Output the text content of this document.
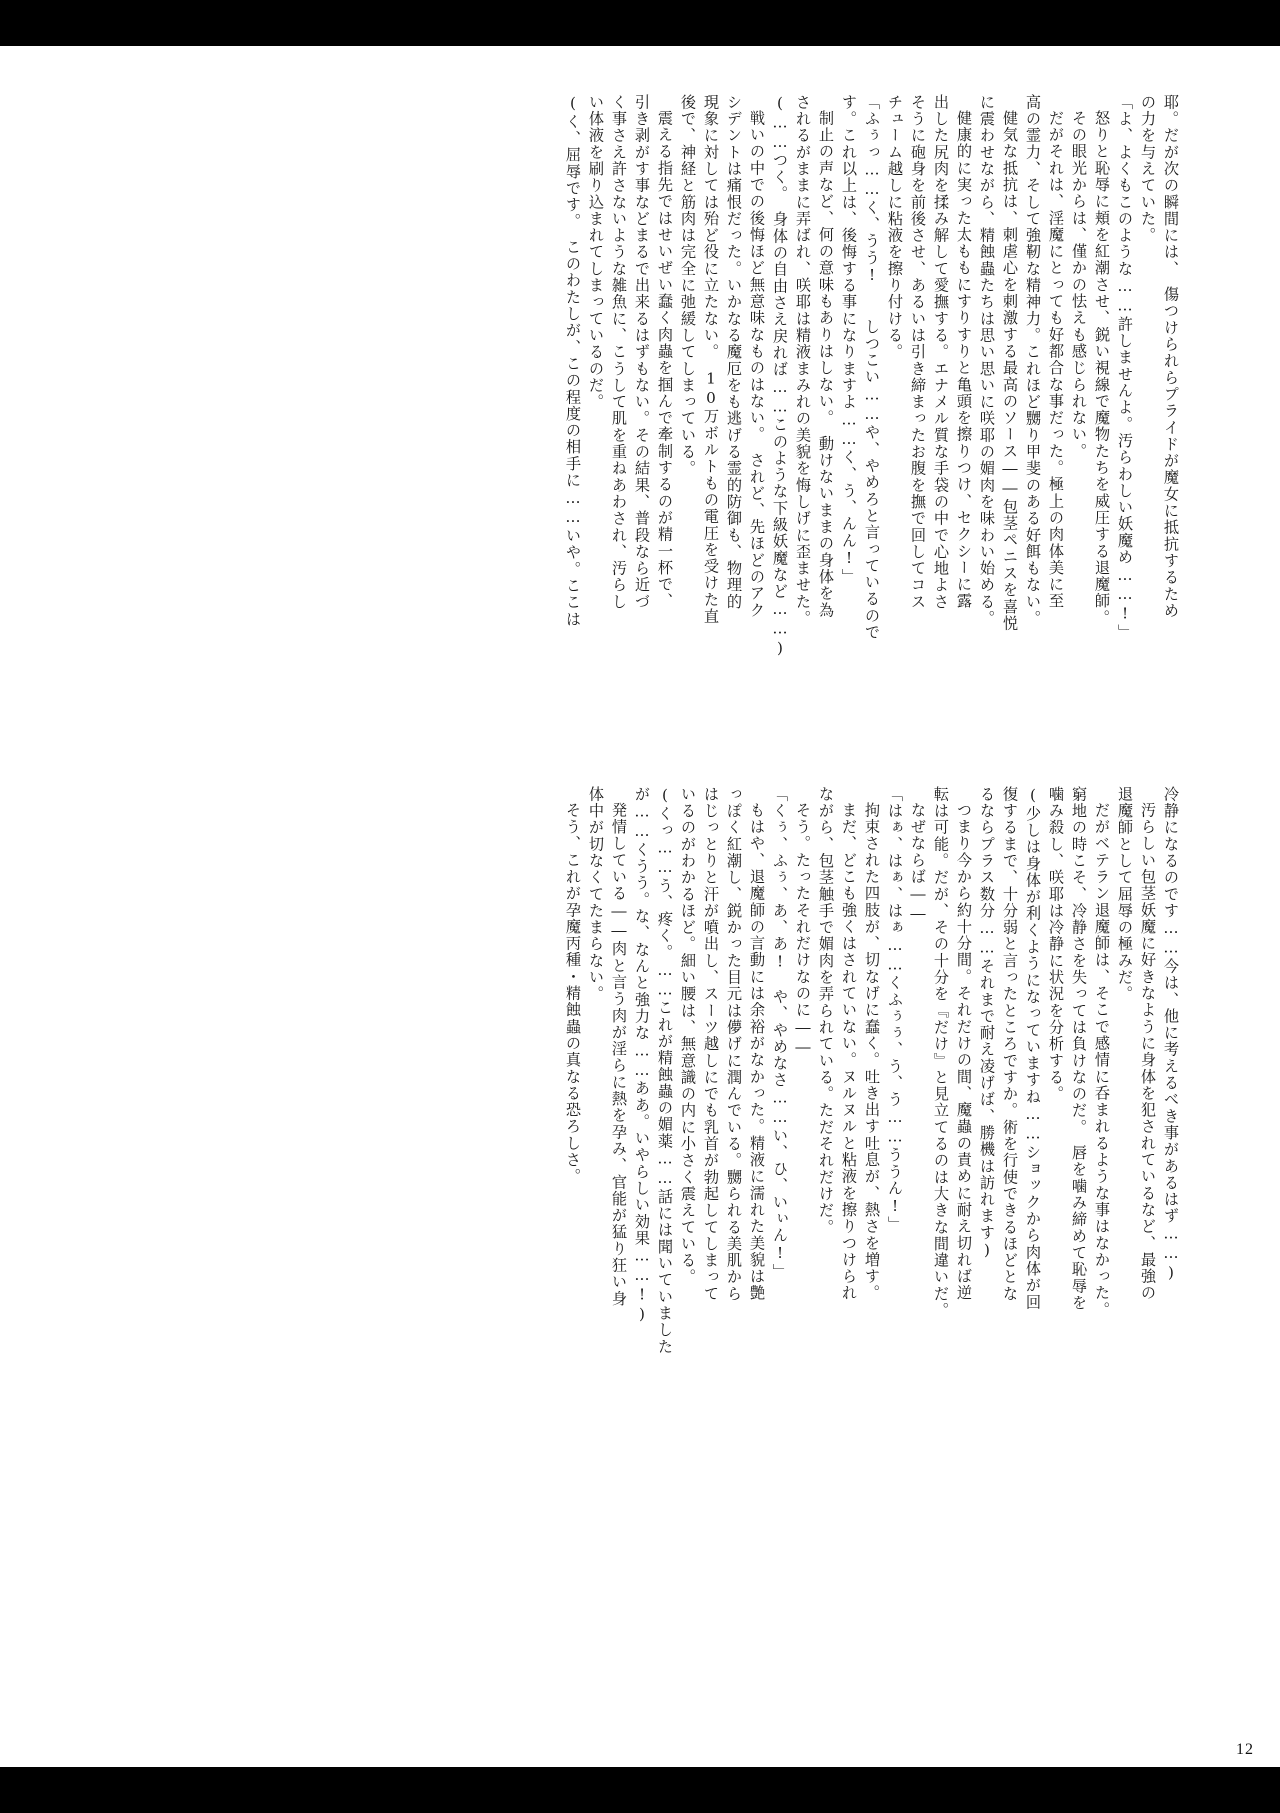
耶。だが次の瞬間には、　傷つけられらプライドが魔女に抵抗するため
の力を与えていた。
「よ、よくもこのような……許しませんよ。汚らわしい妖魔め……!」
怒りと恥辱に頬を紅潮させ、鋭い視線で魔物たちを威圧する退魔師。
その眼光からは、僅かの怯えも感じられない。
だがそれは、淫魔にとっても好都合な事だった。極上の肉体美に至
高の霊力、そして強靭な精神力。これほど嬲り甲斐のある好餌もない。
健気な抵抗は、刺虐心を刺激する最高のソース――包茎ペニスを喜悦
に震わせながら、精蝕蟲たちは思い思いに咲耶の媚肉を味わい始める。
健康的に実った太ももにすりすりと亀頭を擦りつけ、セクシーに露
出した尻肉を揉み解して愛撫する。エナメル質な手袋の中で心地よさ
そうに砲身を前後させ、あるいは引き締まったお腹を撫で回してコス
チューム越しに粘液を擦り付ける。
「ふぅっ……く、うう!　　しつこい……や、やめろと言っているので
す。これ以上は、後悔する事になりますよ……く、う、んん!」
制止の声など、何の意味もありはしない。　動けないままの身体を為
されるがままに弄ばれ、咲耶は精液まみれの美貌を悔しげに歪ませた。
(……つく。　身体の自由さえ戻れば……このような下級妖魔など……)
戦いの中での後悔ほど無意味なものはない。　されど、先ほどのアク
シデントは痛恨だった。いかなる魔厄をも逃げる霊的防御も、物理的
現象に対しては殆ど役に立たない。　10万ボルトもの電圧を受けた直
後で、神経と筋肉は完全に弛緩してしまっている。
震える指先ではせいぜい蠢く肉蟲を掴んで牽制するのが精一杯で、
引き剥がす事などまるで出来るはずもない。その結果、普段なら近づ
く事さえ許さないような雑魚に、こうして肌を重ねあわされ、汚らし
い体液を刷り込まれてしまっているのだ。
(く、屈辱です。　このわたしが、この程度の相手に……いや。ここは
冷静になるのです……今は、他に考えるべき事があるはず……)
汚らしい包茎妖魔に好きなように身体を犯されているなど、最強の
退魔師として屈辱の極みだ。
だがベテラン退魔師は、そこで感情に呑まれるような事はなかった。
窮地の時こそ、冷静さを失っては負けなのだ。　唇を噛み締めて恥辱を
噛み殺し、咲耶は冷静に状況を分析する。
(少しは身体が利くようになっていますね……ショックから肉体が回
復するまで、十分弱と言ったところですか。術を行使できるほどとな
るならプラス数分……それまで耐え凌げば、勝機は訪れます)
つまり今から約十分間。それだけの間、魔蟲の責めに耐え切れば逆
転は可能。だが、その十分を『だけ』と見立てるのは大きな間違いだ。
なぜならば――
「はぁ、はぁ、はぁ……くふぅぅ、う、う……ううん!」
拘束された四肢が、切なげに蠢く。吐き出す吐息が、熱さを増す。
まだ、どこも強くはされていない。ヌルヌルと粘液を擦りつけられ
ながら、包茎触手で媚肉を弄られている。ただそれだけだ。
そう。たったそれだけなのに――
「くぅ、ふぅ、あ、あ!　や、やめなさ……い、ひ、いぃん!」
もはや、退魔師の言動には余裕がなかった。精液に濡れた美貌は艶
っぽく紅潮し、鋭かった目元は儚げに潤んでいる。嬲られる美肌から
はじっとりと汗が噴出し、スーツ越しにでも乳首が勃起してしまって
いるのがわかるほど。細い腰は、無意識の内に小さく震えている。
(くっ……う、疼く。……これが精蝕蟲の媚薬……話には聞いていました
が……くうう。な、なんと強力な……ああ。いやらしい効果……!)
発情している――肉と言う肉が淫らに熱を孕み、官能が猛り狂い身
体中が切なくてたまらない。
そう、これが孕魔丙種・精蝕蟲の真なる恐ろしさ。
12
